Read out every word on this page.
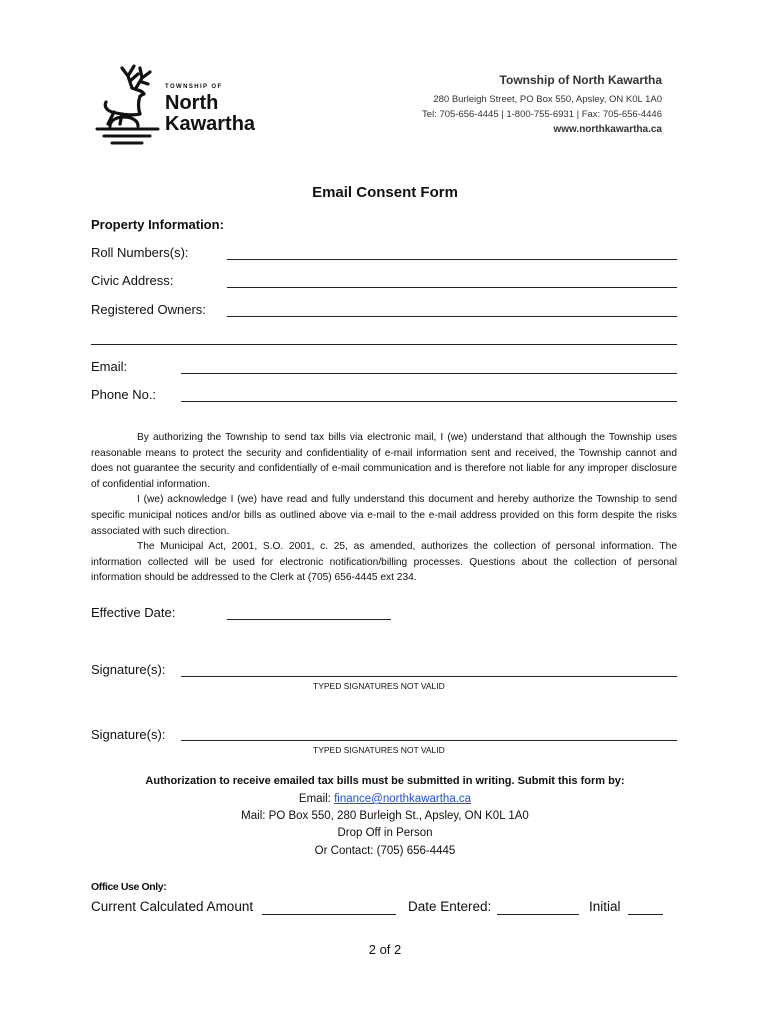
TOWNSHIP OF
North
Kawartha
Township of North Kawartha
280 Burleigh Street, PO Box 550, Apsley, ON K0L 1A0
Tel: 705-656-4445 | 1-800-755-6931 | Fax: 705-656-4446
www.northkawartha.ca
Email Consent Form
Property Information:
Roll Numbers(s):
Civic Address:
Registered Owners:
Email:
Phone No.:

By authorizing the Township to send tax bills via electronic mail, I (we) understand that although the Township uses reasonable means to protect the security and confidentiality of e-mail information sent and received, the Township cannot and does not guarantee the security and confidentially of e-mail communication and is therefore not liable for any improper disclosure of confidential information.

I (we) acknowledge I (we) have read and fully understand this document and hereby authorize the Township to send specific municipal notices and/or bills as outlined above via e-mail to the e-mail address provided on this form despite the risks associated with such direction.

The Municipal Act, 2001, S.O. 2001, c. 25, as amended, authorizes the collection of personal information. The information collected will be used for electronic notification/billing processes. Questions about the collection of personal information should be addressed to the Clerk at (705) 656-4445 ext 234.

Effective Date:
Signature(s):
TYPED SIGNATURES NOT VALID
Signature(s):
TYPED SIGNATURES NOT VALID
Authorization to receive emailed tax bills must be submitted in writing. Submit this form by:
Email: finance@northkawartha.ca
Mail: PO Box 550, 280 Burleigh St., Apsley, ON K0L 1A0
Drop Off in Person
Or Contact: (705) 656-4445
Office Use Only:
Current Calculated Amount	Date Entered:	Initial
2 of 2
